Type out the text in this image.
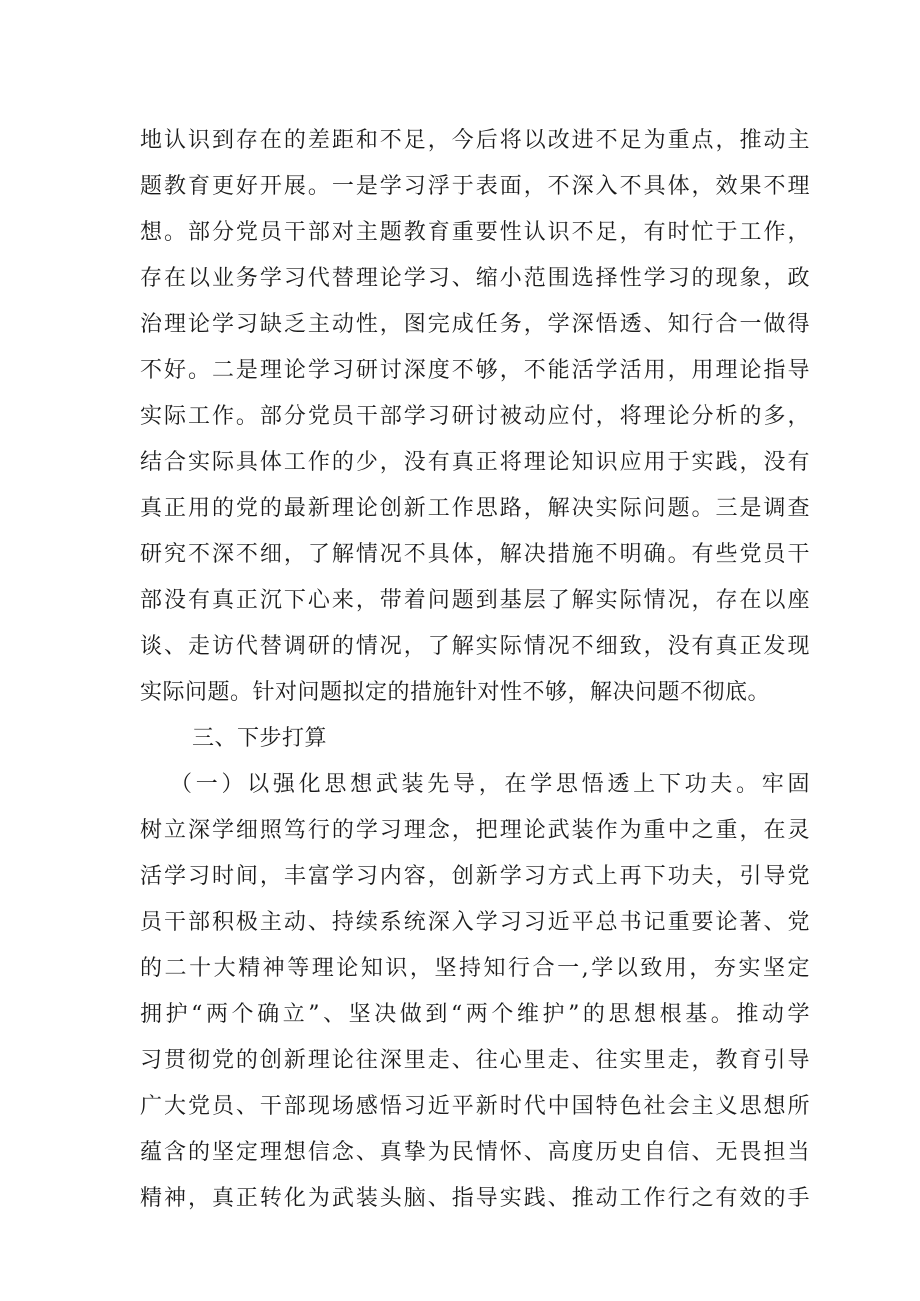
地认识到存在的差距和不足，今后将以改进不足为重点，推动主
题教育更好开展。一是学习浮于表面，不深入不具体，效果不理
想。部分党员干部对主题教育重要性认识不足，有时忙于工作，
存在以业务学习代替理论学习、缩小范围选择性学习的现象，政
治理论学习缺乏主动性，图完成任务，学深悟透、知行合一做得
不好。二是理论学习研讨深度不够，不能活学活用，用理论指导
实际工作。部分党员干部学习研讨被动应付，将理论分析的多，
结合实际具体工作的少，没有真正将理论知识应用于实践，没有
真正用的党的最新理论创新工作思路，解决实际问题。三是调查
研究不深不细，了解情况不具体，解决措施不明确。有些党员干
部没有真正沉下心来，带着问题到基层了解实际情况，存在以座
谈、走访代替调研的情况，了解实际情况不细致，没有真正发现
实际问题。针对问题拟定的措施针对性不够，解决问题不彻底。
三、下步打算
（一）以强化思想武装先导，在学思悟透上下功夫。牢固
树立深学细照笃行的学习理念，把理论武装作为重中之重，在灵
活学习时间，丰富学习内容，创新学习方式上再下功夫，引导党
员干部积极主动、持续系统深入学习习近平总书记重要论著、党
的二十大精神等理论知识，坚持知行合一,学以致用，夯实坚定
拥护“两个确立”、坚决做到“两个维护”的思想根基。推动学
习贯彻党的创新理论往深里走、往心里走、往实里走，教育引导
广大党员、干部现场感悟习近平新时代中国特色社会主义思想所
蕴含的坚定理想信念、真挚为民情怀、高度历史自信、无畏担当
精神，真正转化为武装头脑、指导实践、推动工作行之有效的手
